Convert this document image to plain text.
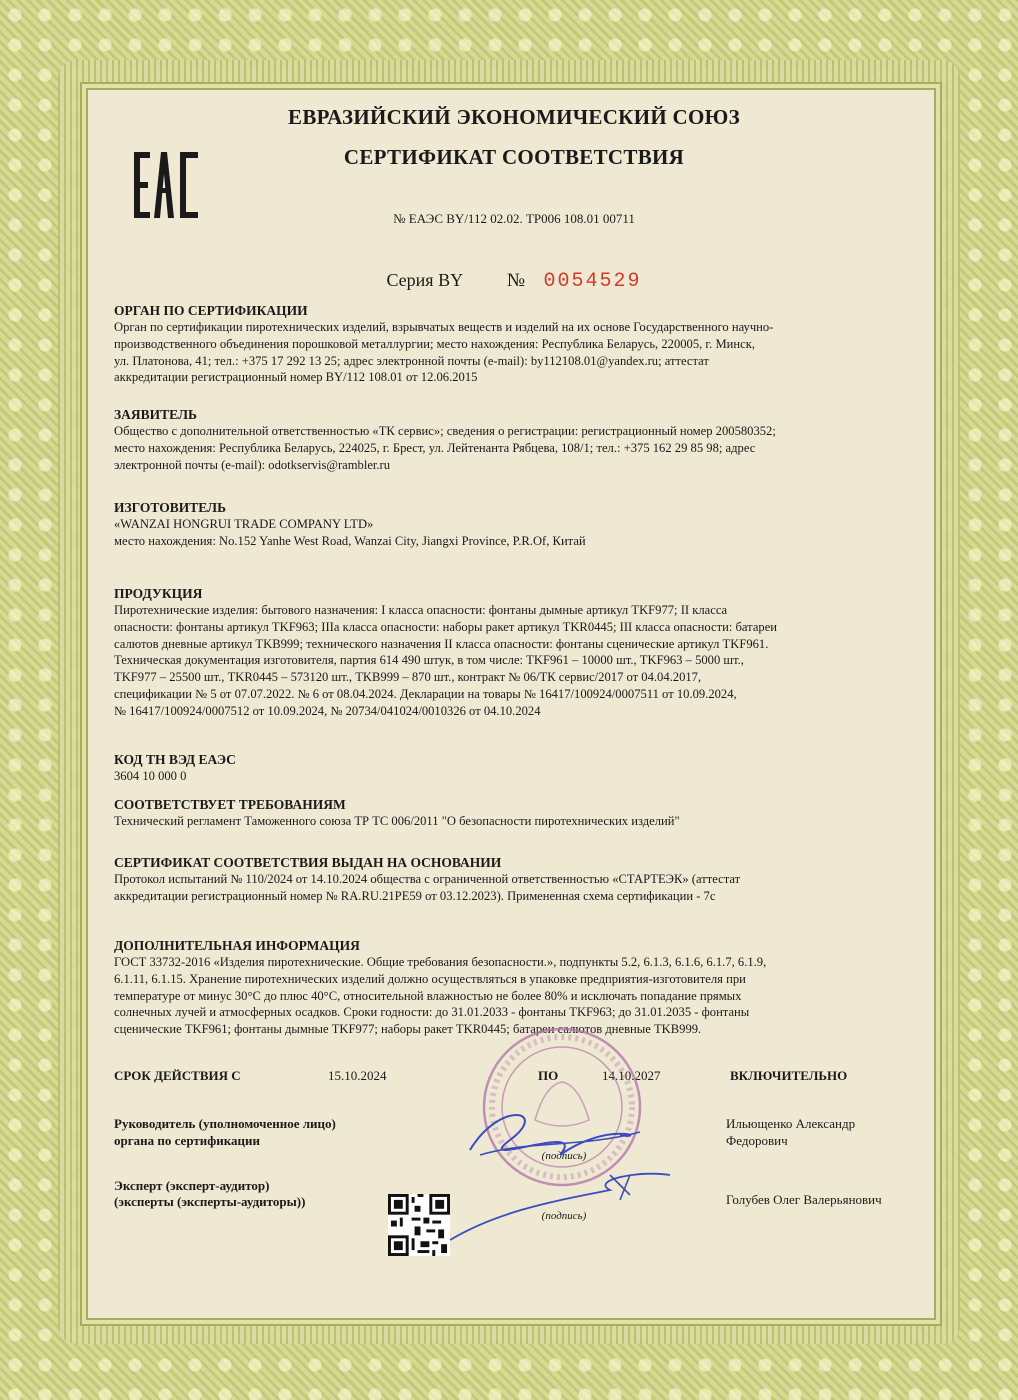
ЕВРАЗИЙСКИЙ ЭКОНОМИЧЕСКИЙ СОЮЗ
СЕРТИФИКАТ СООТВЕТСТВИЯ
№ ЕАЭС BY/112 02.02. ТР006 108.01 00711
Серия BY № 0054529
ОРГАН ПО СЕРТИФИКАЦИИ
Орган по сертификации пиротехнических изделий, взрывчатых веществ и изделий на их основе Государственного научно-
производственного объединения порошковой металлургии; место нахождения: Республика Беларусь, 220005, г. Минск,
ул. Платонова, 41; тел.: +375 17 292 13 25; адрес электронной почты (e-mail): by112108.01@yandex.ru; аттестат
аккредитации регистрационный номер BY/112 108.01 от 12.06.2015
ЗАЯВИТЕЛЬ
Общество с дополнительной ответственностью «ТК сервис»; сведения о регистрации: регистрационный номер 200580352;
место нахождения: Республика Беларусь, 224025, г. Брест, ул. Лейтенанта Рябцева, 108/1; тел.: +375 162 29 85 98; адрес
электронной почты (e-mail): odotkservis@rambler.ru
ИЗГОТОВИТЕЛЬ
«WANZAI HONGRUI TRADE COMPANY LTD»
место нахождения: No.152 Yanhe West Road, Wanzai City, Jiangxi Province, P.R.Of, Китай
ПРОДУКЦИЯ
Пиротехнические изделия: бытового назначения: I класса опасности: фонтаны дымные артикул TKF977; II класса
опасности: фонтаны артикул TKF963; IIIа класса опасности: наборы ракет артикул TKR0445; III класса опасности: батареи
салютов дневные артикул TKB999; технического назначения II класса опасности: фонтаны сценические артикул TKF961.
Техническая документация изготовителя, партия 614 490 штук, в том числе: TKF961 – 10000 шт., TKF963 – 5000 шт.,
TKF977 – 25500 шт., TKR0445 – 573120 шт., TKB999 – 870 шт., контракт № 06/ТК сервис/2017 от 04.04.2017,
спецификации № 5 от 07.07.2022. № 6 от 08.04.2024. Декларации на товары № 16417/100924/0007511 от 10.09.2024,
№ 16417/100924/0007512 от 10.09.2024, № 20734/041024/0010326 от 04.10.2024
КОД ТН ВЭД ЕАЭС
3604 10 000 0
СООТВЕТСТВУЕТ ТРЕБОВАНИЯМ
Технический регламент Таможенного союза ТР ТС 006/2011 "О безопасности пиротехнических изделий"
СЕРТИФИКАТ СООТВЕТСТВИЯ ВЫДАН НА ОСНОВАНИИ
Протокол испытаний № 110/2024 от 14.10.2024 общества с ограниченной ответственностью «СТАРТЕЭК» (аттестат
аккредитации регистрационный номер № RA.RU.21PE59 от 03.12.2023). Примененная схема сертификации - 7с
ДОПОЛНИТЕЛЬНАЯ ИНФОРМАЦИЯ
ГОСТ 33732-2016 «Изделия пиротехнические. Общие требования безопасности.», подпункты 5.2, 6.1.3, 6.1.6, 6.1.7, 6.1.9,
6.1.11, 6.1.15. Хранение пиротехнических изделий должно осуществляться в упаковке предприятия-изготовителя при
температуре от минус 30°С до плюс 40°С, относительной влажностью не более 80% и исключать попадание прямых
солнечных лучей и атмосферных осадков. Сроки годности: до 31.01.2033 - фонтаны TKF963; до 31.01.2035 - фонтаны
сценические TKF961; фонтаны дымные TKF977; наборы ракет TKR0445; батареи салютов дневные TKB999.
СРОК ДЕЙСТВИЯ С	15.10.2024	ПО	14.10.2027	ВКЛЮЧИТЕЛЬНО
Руководитель (уполномоченное лицо)
органа по сертификации
Ильющенко Александр
Федорович
(подпись)
Эксперт (эксперт-аудитор)
(эксперты (эксперты-аудиторы))	Голубев Олег Валерьянович
(подпись)
